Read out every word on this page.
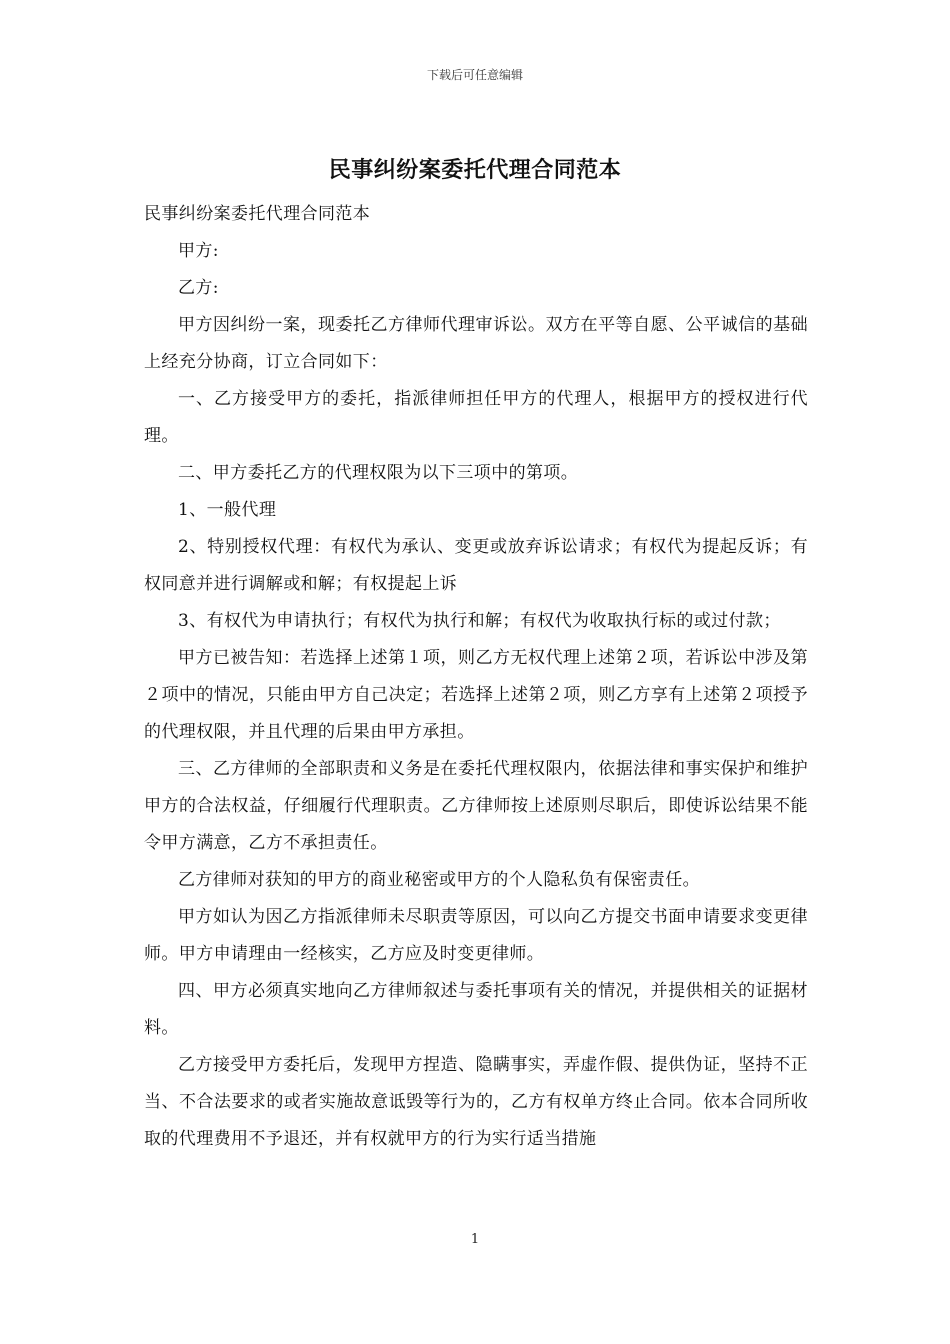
下载后可任意编辑
民事纠纷案委托代理合同范本

民事纠纷案委托代理合同范本

甲方:

乙方:

甲方因纠纷一案，现委托乙方律师代理审诉讼。双方在平等自愿、公平诚信的基础上经充分协商，订立合同如下：

一、乙方接受甲方的委托，指派律师担任甲方的代理人，根据甲方的授权进行代理。

二、甲方委托乙方的代理权限为以下三项中的第项。

1、一般代理

2、特别授权代理：有权代为承认、变更或放弃诉讼请求；有权代为提起反诉；有权同意并进行调解或和解；有权提起上诉

3、有权代为申请执行；有权代为执行和解；有权代为收取执行标的或过付款；

甲方已被告知：若选择上述第１项，则乙方无权代理上述第２项，若诉讼中涉及第２项中的情况，只能由甲方自己决定；若选择上述第２项，则乙方享有上述第２项授予的代理权限，并且代理的后果由甲方承担。

三、乙方律师的全部职责和义务是在委托代理权限内，依据法律和事实保护和维护甲方的合法权益，仔细履行代理职责。乙方律师按上述原则尽职后，即使诉讼结果不能令甲方满意，乙方不承担责任。

乙方律师对获知的甲方的商业秘密或甲方的个人隐私负有保密责任。

甲方如认为因乙方指派律师未尽职责等原因，可以向乙方提交书面申请要求变更律师。甲方申请理由一经核实，乙方应及时变更律师。

四、甲方必须真实地向乙方律师叙述与委托事项有关的情况，并提供相关的证据材料。

乙方接受甲方委托后，发现甲方捏造、隐瞒事实，弄虚作假、提供伪证，坚持不正当、不合法要求的或者实施故意诋毁等行为的，乙方有权单方终止合同。依本合同所收取的代理费用不予退还，并有权就甲方的行为实行适当措施

1
